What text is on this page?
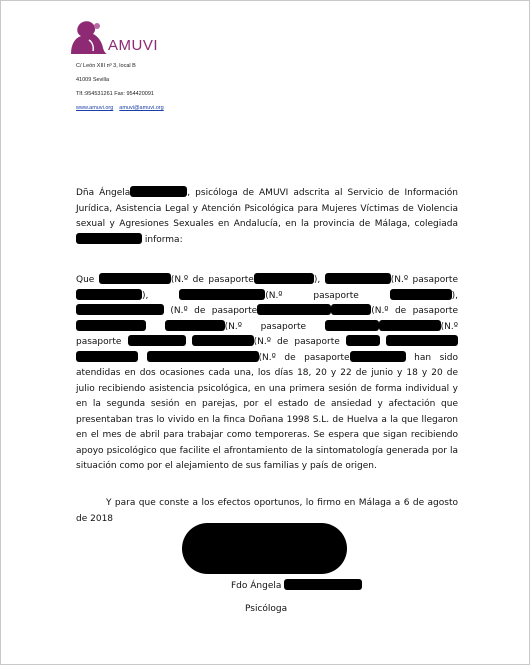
AMUVI
C/ León XIII nº 3, local B
41009 Sevilla
Tlf.:954531261 Fax: 954420091
www.amuvi.org amuvi@amuvi.org
Dña Ángela	, psicóloga de AMUVI adscrita al Servicio de Información Jurídica, Asistencia Legal y Atención Psicológica para Mujeres Víctimas de Violencia sexual y Agresiones Sexuales en Andalucía, en la provincia de Málaga, colegiada  informa:
Que	(N.º de pasaporte	),	(N.º pasaporte ),	(N.º pasaporte	), (N.º de pasaporte	(N.º de pasaporte  (N.º pasaporte	(N.º pasaporte	(N.º de pasaporte    (N.º de pasaporte	han sido atendidas en dos ocasiones cada una, los días 18, 20 y 22 de junio y 18 y 20 de julio recibiendo asistencia psicológica, en una primera sesión de forma individual y en la segunda sesión en parejas, por el estado de ansiedad y afectación que presentaban tras lo vivido en la finca Doñana 1998 S.L. de Huelva a la que llegaron en el mes de abril para trabajar como temporeras. Se espera que sigan recibiendo apoyo psicológico que facilite el afrontamiento de la sintomatología generada por la situación como por el alejamiento de sus familias y país de origen.
Y para que conste a los efectos oportunos, lo firmo en Málaga a 6 de agosto de 2018
Fdo Ángela
Psicóloga
